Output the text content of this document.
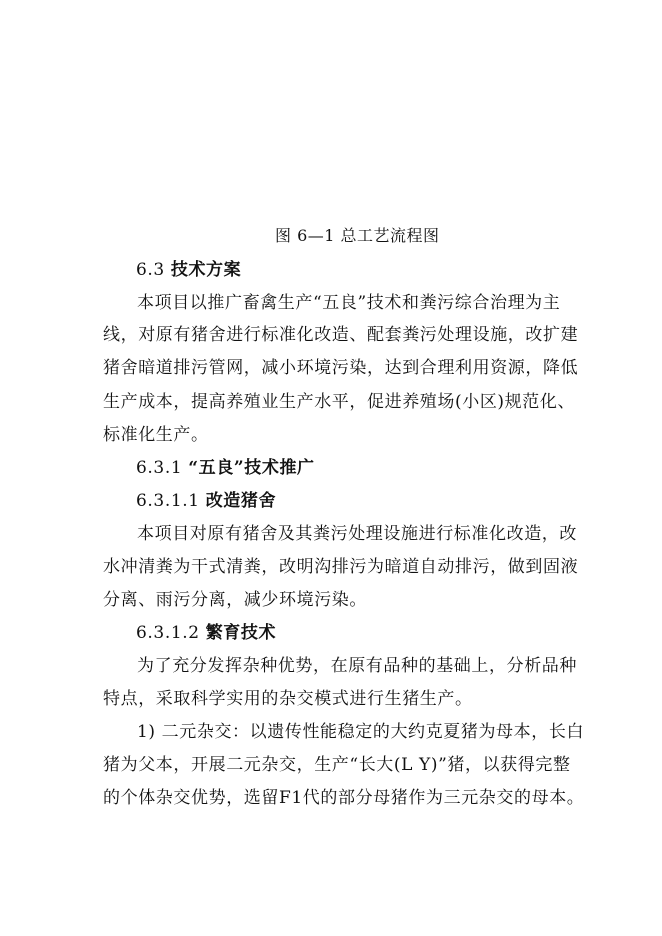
图 6—1 总工艺流程图
6.3 技术方案
本项目以推广畜禽生产“五良”技术和粪污综合治理为主
线，对原有猪舍进行标准化改造、配套粪污处理设施，改扩建
猪舍暗道排污管网，减小环境污染，达到合理利用资源，降低
生产成本，提高养殖业生产水平，促进养殖场(小区)规范化、
标准化生产。
6.3.1 “五良”技术推广
6.3.1.1 改造猪舍
本项目对原有猪舍及其粪污处理设施进行标准化改造，改
水冲清粪为干式清粪，改明沟排污为暗道自动排污，做到固液
分离、雨污分离，减少环境污染。
6.3.1.2 繁育技术
为了充分发挥杂种优势，在原有品种的基础上，分析品种
特点，采取科学实用的杂交模式进行生猪生产。
1) 二元杂交：以遗传性能稳定的大约克夏猪为母本，长白
猪为父本，开展二元杂交，生产“长大(L Y)”猪，以获得完整
的个体杂交优势，选留F1代的部分母猪作为三元杂交的母本。
